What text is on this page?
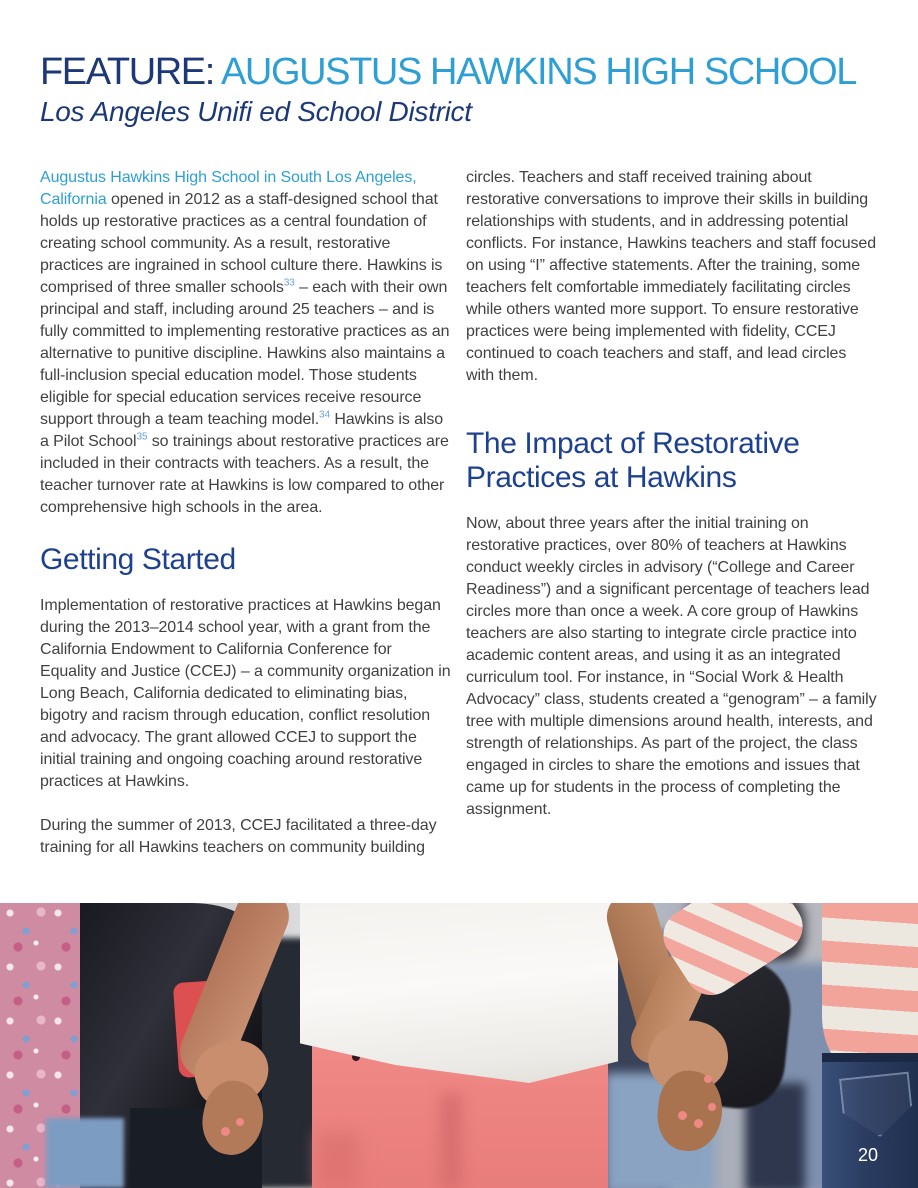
FEATURE: AUGUSTUS HAWKINS HIGH SCHOOL
Los Angeles Unifi ed School District

Augustus Hawkins High School in South Los Angeles, California opened in 2012 as a staff-designed school that holds up restorative practices as a central foundation of creating school community. As a result, restorative practices are ingrained in school culture there. Hawkins is comprised of three smaller schools$^{33}$ – each with their own principal and staff, including around 25 teachers – and is fully committed to implementing restorative practices as an alternative to punitive discipline. Hawkins also maintains a full-inclusion special education model. Those students eligible for special education services receive resource support through a team teaching model.$^{34}$ Hawkins is also a Pilot School$^{35}$ so trainings about restorative practices are included in their contracts with teachers. As a result, the teacher turnover rate at Hawkins is low compared to other comprehensive high schools in the area.

Getting Started

Implementation of restorative practices at Hawkins began during the 2013–2014 school year, with a grant from the California Endowment to California Conference for Equality and Justice (CCEJ) – a community organization in Long Beach, California dedicated to eliminating bias, bigotry and racism through education, conflict resolution and advocacy. The grant allowed CCEJ to support the initial training and ongoing coaching around restorative practices at Hawkins.

During the summer of 2013, CCEJ facilitated a three-day training for all Hawkins teachers on community building

circles. Teachers and staff received training about restorative conversations to improve their skills in building relationships with students, and in addressing potential conflicts. For instance, Hawkins teachers and staff focused on using “I” affective statements. After the training, some teachers felt comfortable immediately facilitating circles while others wanted more support. To ensure restorative practices were being implemented with fidelity, CCEJ continued to coach teachers and staff, and lead circles with them.

The Impact of Restorative Practices at Hawkins

Now, about three years after the initial training on restorative practices, over 80% of teachers at Hawkins conduct weekly circles in advisory (“College and Career Readiness”) and a significant percentage of teachers lead circles more than once a week. A core group of Hawkins teachers are also starting to integrate circle practice into academic content areas, and using it as an integrated curriculum tool. For instance, in “Social Work & Health Advocacy” class, students created a “genogram” – a family tree with multiple dimensions around health, interests, and strength of relationships. As part of the project, the class engaged in circles to share the emotions and issues that came up for students in the process of completing the assignment.

20
